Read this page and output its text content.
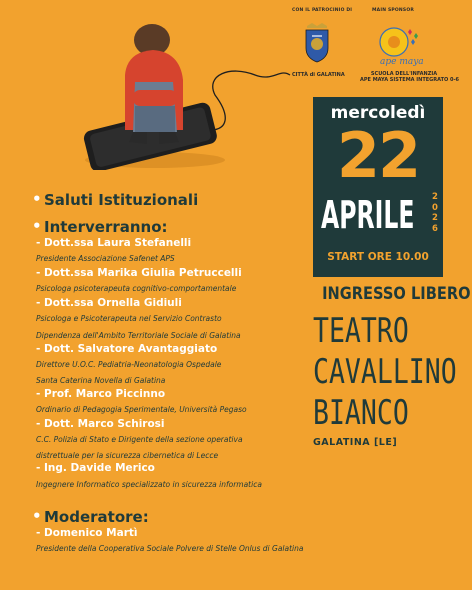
CON IL PATROCINIO DI	MAIN SPONSOR
CITTÀ di GALATINA
ape maya
SCUOLA DELL'INFANZIA
APE MAYA SISTEMA INTEGRATO 0-6
mercoledì
22
APRILE 2
0
2
6
START ORE 10.00
INGRESSO LIBERO
TEATRO
CAVALLINO
BIANCO
GALATINA [LE]
• Saluti Istituzionali
• Interverranno:
- Dott.ssa Laura Stefanelli
Presidente Associazione Safenet APS
- Dott.ssa Marika Giulia Petruccelli
Psicologa psicoterapeuta cognitivo-comportamentale
- Dott.ssa Ornella Gidiuli
Psicologa e Psicoterapeuta nel Servizio Contrasto
Dipendenza dell'Ambito Territoriale Sociale di Galatina
- Dott. Salvatore Avantaggiato
Direttore U.O.C. Pediatria-Neonatologia Ospedale
Santa Caterina Novella di Galatina
- Prof. Marco Piccinno
Ordinario di Pedagogia Sperimentale, Università Pegaso
- Dott. Marco Schirosi
C.C. Polizia di Stato e Dirigente della sezione operativa
distrettuale per la sicurezza cibernetica di Lecce
- Ing. Davide Merico
Ingegnere Informatico specializzato in sicurezza informatica
• Moderatore:
- Domenico Martì
Presidente della Cooperativa Sociale Polvere di Stelle Onlus di Galatina
